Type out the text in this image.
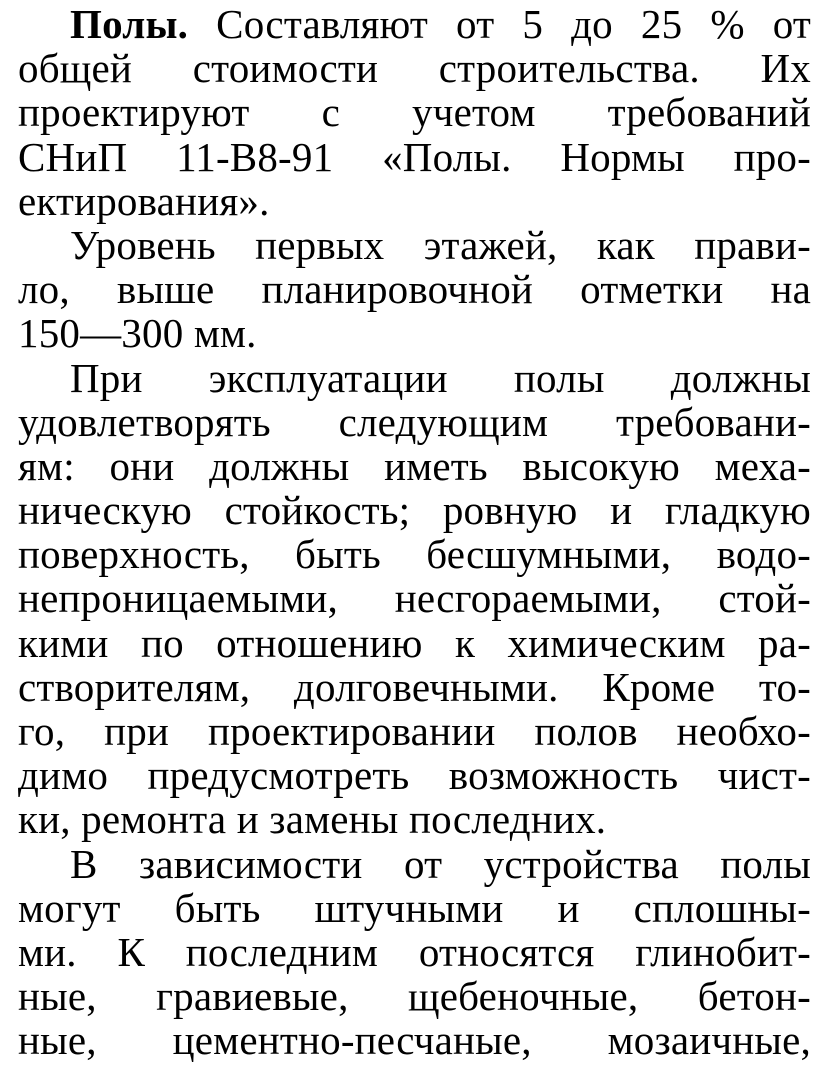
Полы. Составляют от 5 до 25 % от
общей стоимости строительства. Их
проектируют с учетом требований
СНиП 11-В8-91 «Полы. Нормы про-
ектирования».
Уровень первых этажей, как прави-
ло, выше планировочной отметки на
150—300 мм.
При эксплуатации полы должны
удовлетворять следующим требовани-
ям: они должны иметь высокую меха-
ническую стойкость; ровную и гладкую
поверхность, быть бесшумными, водо-
непроницаемыми, несгораемыми, стой-
кими по отношению к химическим ра-
створителям, долговечными. Кроме то-
го, при проектировании полов необхо-
димо предусмотреть возможность чист-
ки, ремонта и замены последних.
В зависимости от устройства полы
могут быть штучными и сплошны-
ми. К последним относятся глинобит-
ные, гравиевые, щебеночные, бетон-
ные, цементно-песчаные, мозаичные,
